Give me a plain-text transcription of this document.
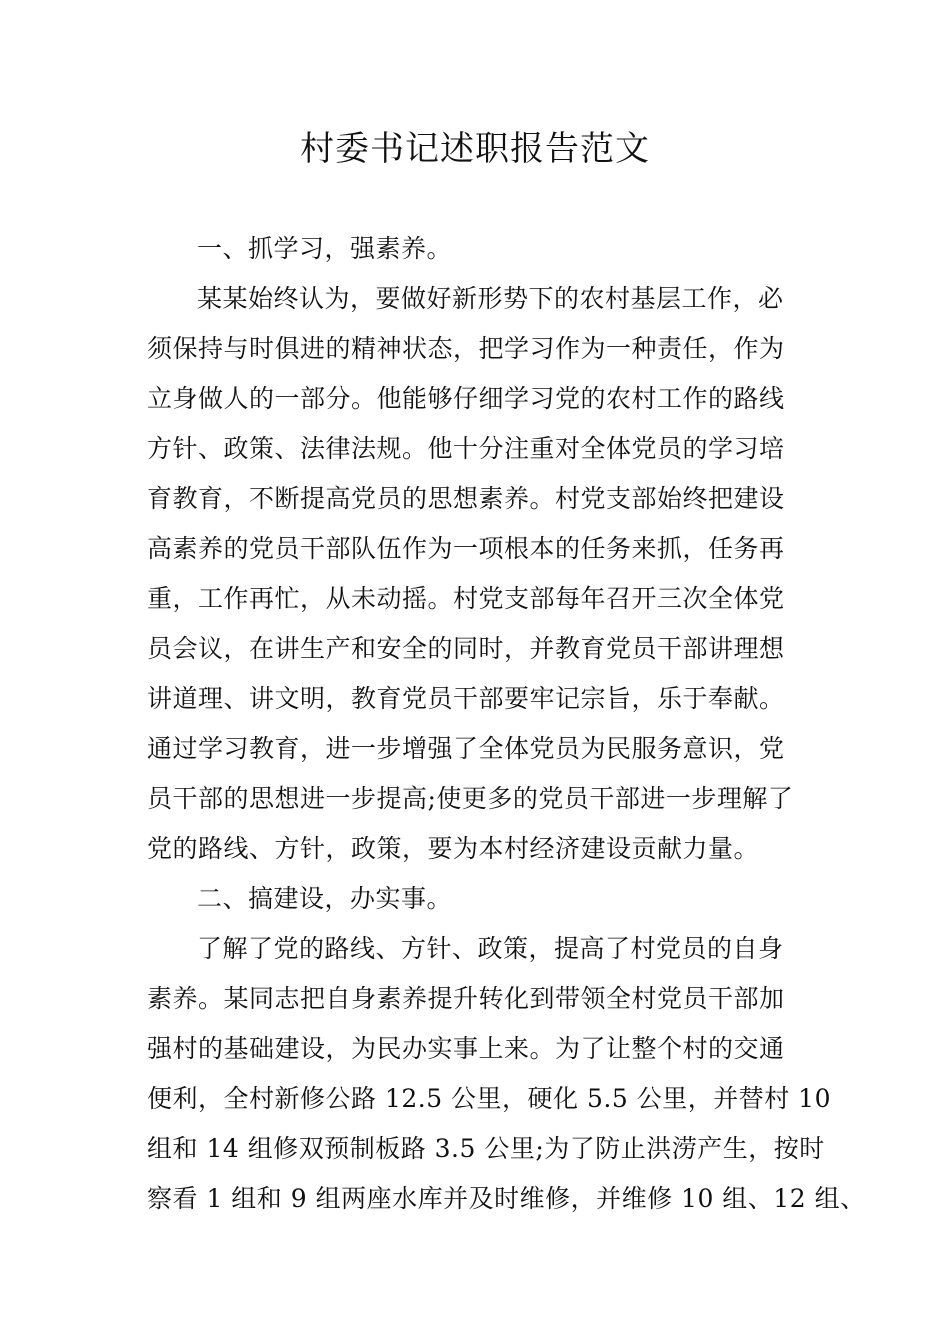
村委书记述职报告范文
一、抓学习，强素养。
某某始终认为，要做好新形势下的农村基层工作，必
须保持与时俱进的精神状态，把学习作为一种责任，作为
立身做人的一部分。他能够仔细学习党的农村工作的路线
方针、政策、法律法规。他十分注重对全体党员的学习培
育教育，不断提高党员的思想素养。村党支部始终把建设
高素养的党员干部队伍作为一项根本的任务来抓，任务再
重，工作再忙，从未动摇。村党支部每年召开三次全体党
员会议，在讲生产和安全的同时，并教育党员干部讲理想
讲道理、讲文明，教育党员干部要牢记宗旨，乐于奉献。
通过学习教育，进一步增强了全体党员为民服务意识，党
员干部的思想进一步提高;使更多的党员干部进一步理解了
党的路线、方针，政策，要为本村经济建设贡献力量。
二、搞建设，办实事。
了解了党的路线、方针、政策，提高了村党员的自身
素养。某同志把自身素养提升转化到带领全村党员干部加
强村的基础建设，为民办实事上来。为了让整个村的交通
便利，全村新修公路 12.5 公里，硬化 5.5 公里，并替村 10
组和 14 组修双预制板路 3.5 公里;为了防止洪涝产生，按时
察看 1 组和 9 组两座水库并及时维修，并维修 10 组、12 组、
